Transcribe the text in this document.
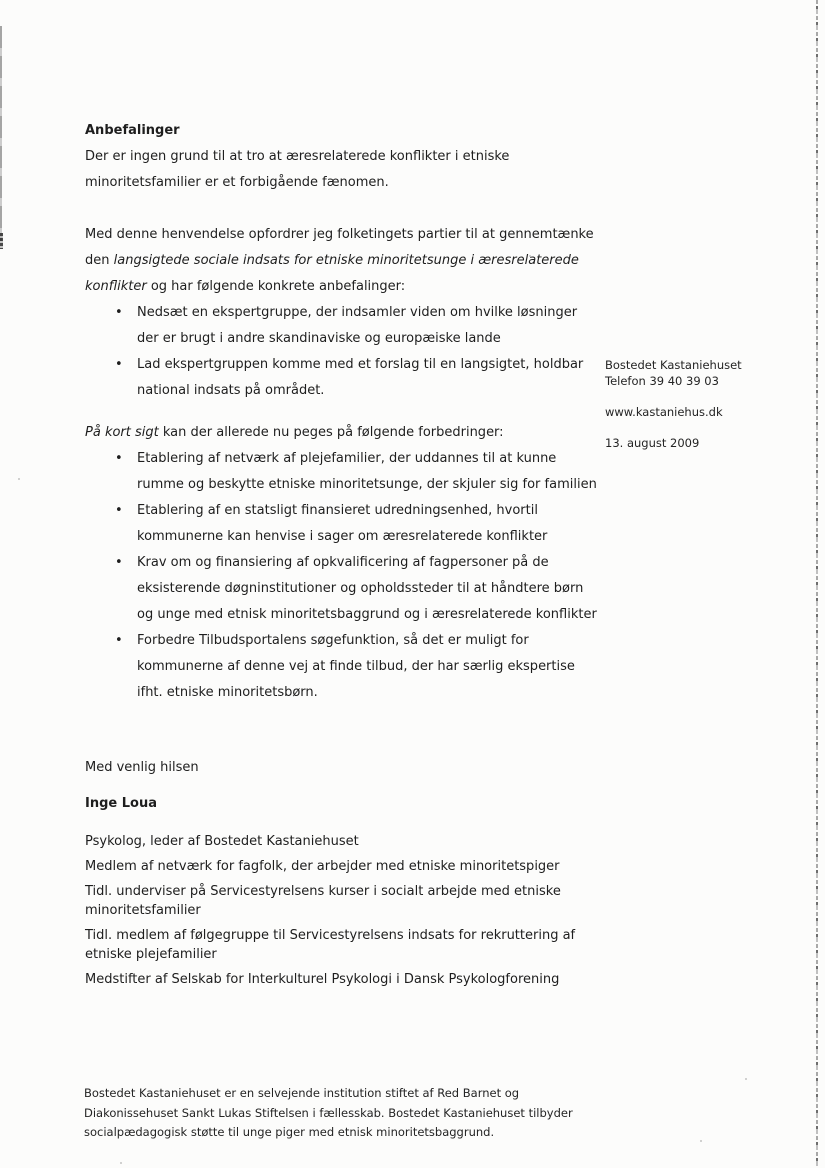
Anbefalinger

Der er ingen grund til at tro at æresrelaterede konflikter i etniske minoritetsfamilier er et forbigående fænomen.

Med denne henvendelse opfordrer jeg folketingets partier til at gennemtænke den langsigtede sociale indsats for etniske minoritetsunge i æresrelaterede konflikter og har følgende konkrete anbefalinger:

•	Nedsæt en ekspertgruppe, der indsamler viden om hvilke løsninger der er brugt i andre skandinaviske og europæiske lande
•	Lad ekspertgruppen komme med et forslag til en langsigtet, holdbar national indsats på området.

På kort sigt kan der allerede nu peges på følgende forbedringer:

•	Etablering af netværk af plejefamilier, der uddannes til at kunne rumme og beskytte etniske minoritetsunge, der skjuler sig for familien
•	Etablering af en statsligt finansieret udredningsenhed, hvortil kommunerne kan henvise i sager om æresrelaterede konflikter
•	Krav om og finansiering af opkvalificering af fagpersoner på de eksisterende døgninstitutioner og opholdssteder til at håndtere børn og unge med etnisk minoritetsbaggrund og i æresrelaterede konflikter
•	Forbedre Tilbudsportalens søgefunktion, så det er muligt for kommunerne af denne vej at finde tilbud, der har særlig ekspertise ifht. etniske minoritetsbørn.

Med venlig hilsen

Inge Loua

Psykolog, leder af Bostedet Kastaniehuset

Medlem af netværk for fagfolk, der arbejder med etniske minoritetspiger

Tidl. underviser på Servicestyrelsens kurser i socialt arbejde med etniske minoritetsfamilier

Tidl. medlem af følgegruppe til Servicestyrelsens indsats for rekruttering af etniske plejefamilier

Medstifter af Selskab for Interkulturel Psykologi i Dansk Psykologforening

Bostedet Kastaniehuset

Telefon 39 40 39 03

www.kastaniehus.dk

13. august 2009

Bostedet Kastaniehuset er en selvejende institution stiftet af Red Barnet og Diakonissehuset Sankt Lukas Stiftelsen i fællesskab. Bostedet Kastaniehuset tilbyder socialpædagogisk støtte til unge piger med etnisk minoritetsbaggrund.
